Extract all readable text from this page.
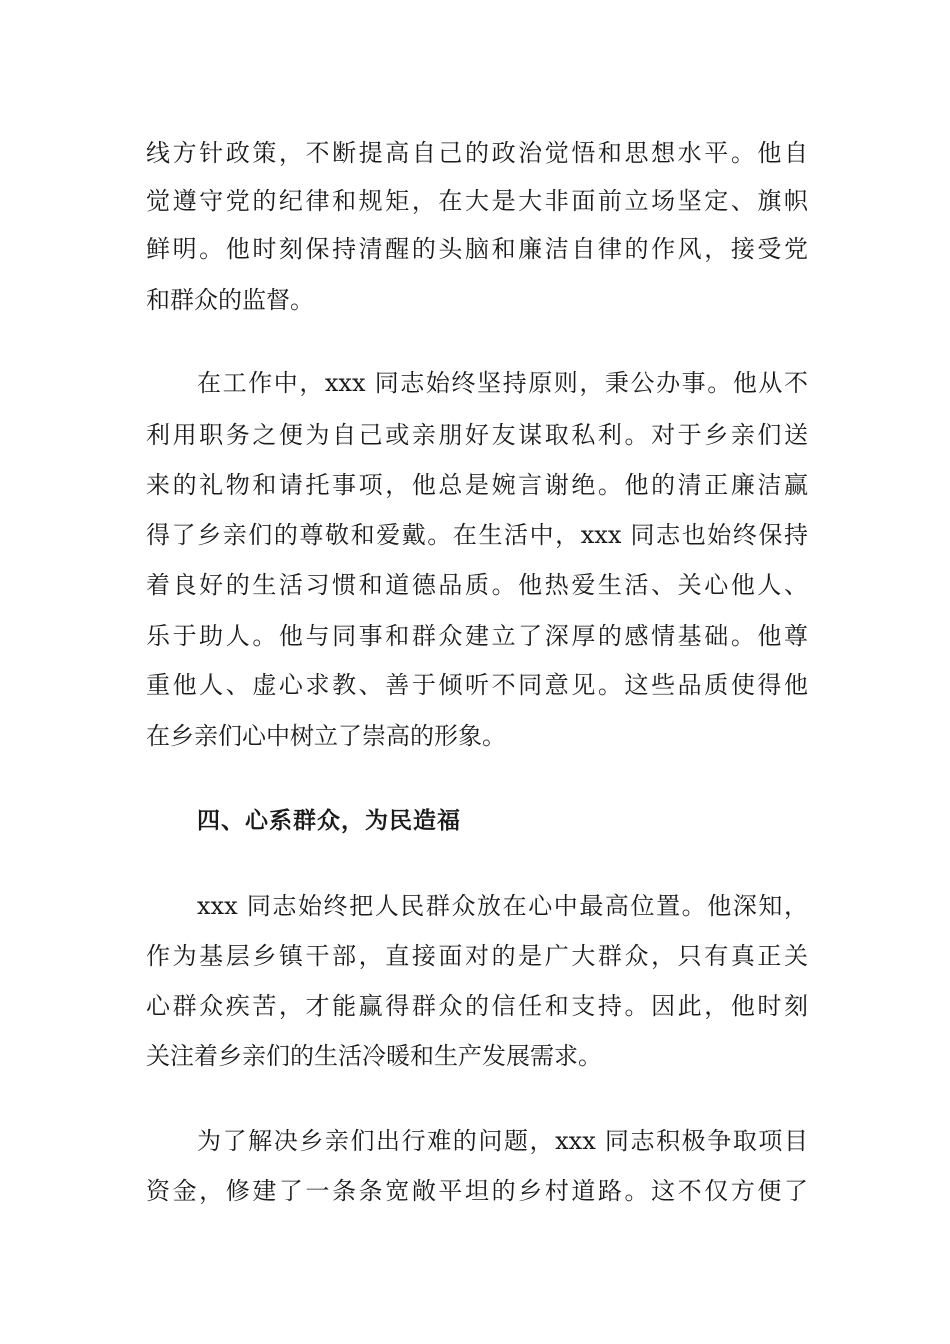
线方针政策，不断提高自己的政治觉悟和思想水平。他自
觉遵守党的纪律和规矩，在大是大非面前立场坚定、旗帜
鲜明。他时刻保持清醒的头脑和廉洁自律的作风，接受党
和群众的监督。
在工作中，xxx 同志始终坚持原则，秉公办事。他从不
利用职务之便为自己或亲朋好友谋取私利。对于乡亲们送
来的礼物和请托事项，他总是婉言谢绝。他的清正廉洁赢
得了乡亲们的尊敬和爱戴。在生活中，xxx 同志也始终保持
着良好的生活习惯和道德品质。他热爱生活、关心他人、
乐于助人。他与同事和群众建立了深厚的感情基础。他尊
重他人、虚心求教、善于倾听不同意见。这些品质使得他
在乡亲们心中树立了崇高的形象。
四、心系群众，为民造福
xxx 同志始终把人民群众放在心中最高位置。他深知，
作为基层乡镇干部，直接面对的是广大群众，只有真正关
心群众疾苦，才能赢得群众的信任和支持。因此，他时刻
关注着乡亲们的生活冷暖和生产发展需求。
为了解决乡亲们出行难的问题，xxx 同志积极争取项目
资金，修建了一条条宽敞平坦的乡村道路。这不仅方便了
